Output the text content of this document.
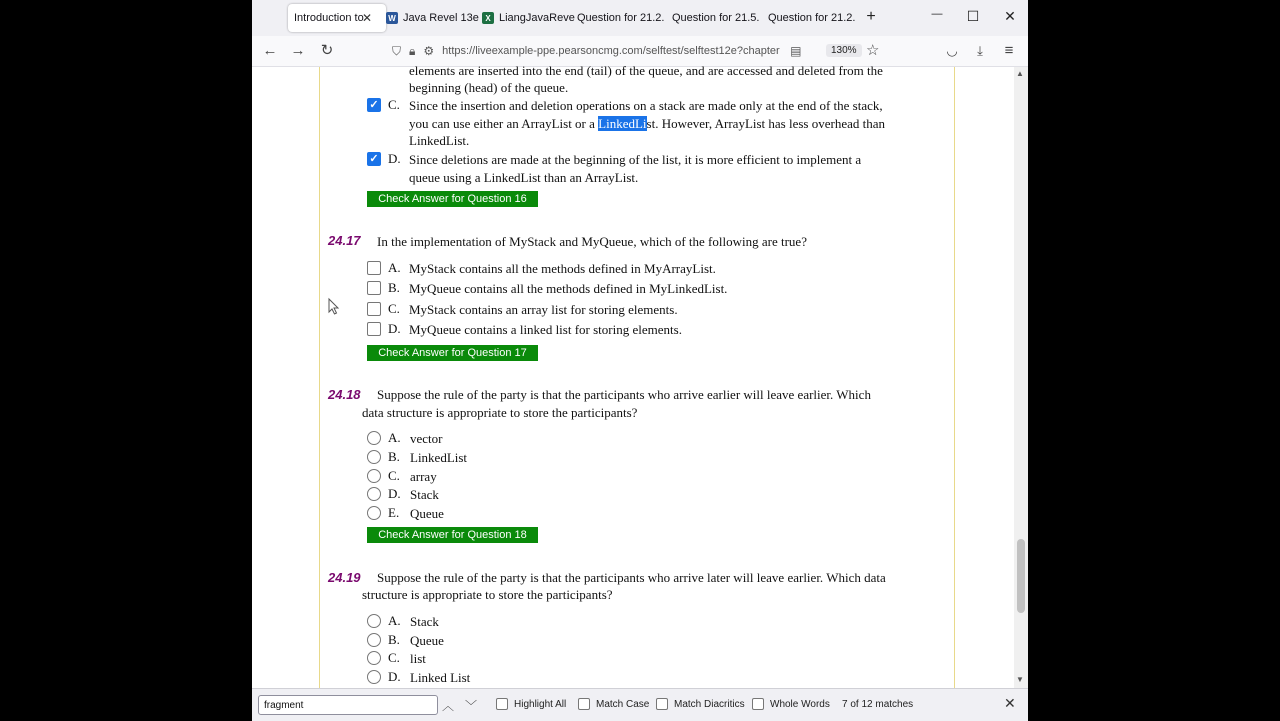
Introduction to
✕ W Java Revel 13e X LiangJavaReve Question for 21.2. Question for 21.5. Question for 21.2. +	—	☐	✕
← → ↻	⛉ 🔒︎ ⚙
https://liveexample-ppe.pearsoncmg.com/selftest/selftest12e?chapter	▤	130% ☆	◡	⤓	≡
elements are inserted into the end (tail) of the queue, and are accessed and deleted from the
beginning (head) of the queue.
✓ C. Since the insertion and deletion operations on a stack are made only at the end of the stack,
you can use either an ArrayList or a LinkedList. However, ArrayList has less overhead than
LinkedList.
✓ D. Since deletions are made at the beginning of the list, it is more efficient to implement a
queue using a LinkedList than an ArrayList.
Check Answer for Question 16
24.17 In the implementation of MyStack and MyQueue, which of the following are true?
A. MyStack contains all the methods defined in MyArrayList.
B. MyQueue contains all the methods defined in MyLinkedList.
C. MyStack contains an array list for storing elements.
D. MyQueue contains a linked list for storing elements.
Check Answer for Question 17
24.18 Suppose the rule of the party is that the participants who arrive earlier will leave earlier. Which
data structure is appropriate to store the participants?
A. vector
B. LinkedList
C. array
D. Stack
E. Queue
Check Answer for Question 18
24.19 Suppose the rule of the party is that the participants who arrive later will leave earlier. Which data
structure is appropriate to store the participants?
A. Stack
B. Queue
C. list
D. Linked List
▲
▼
fragment
︿ ﹀	Highlight All	Match Case Match Diacritics	Whole Words 7 of 12 matches	✕
